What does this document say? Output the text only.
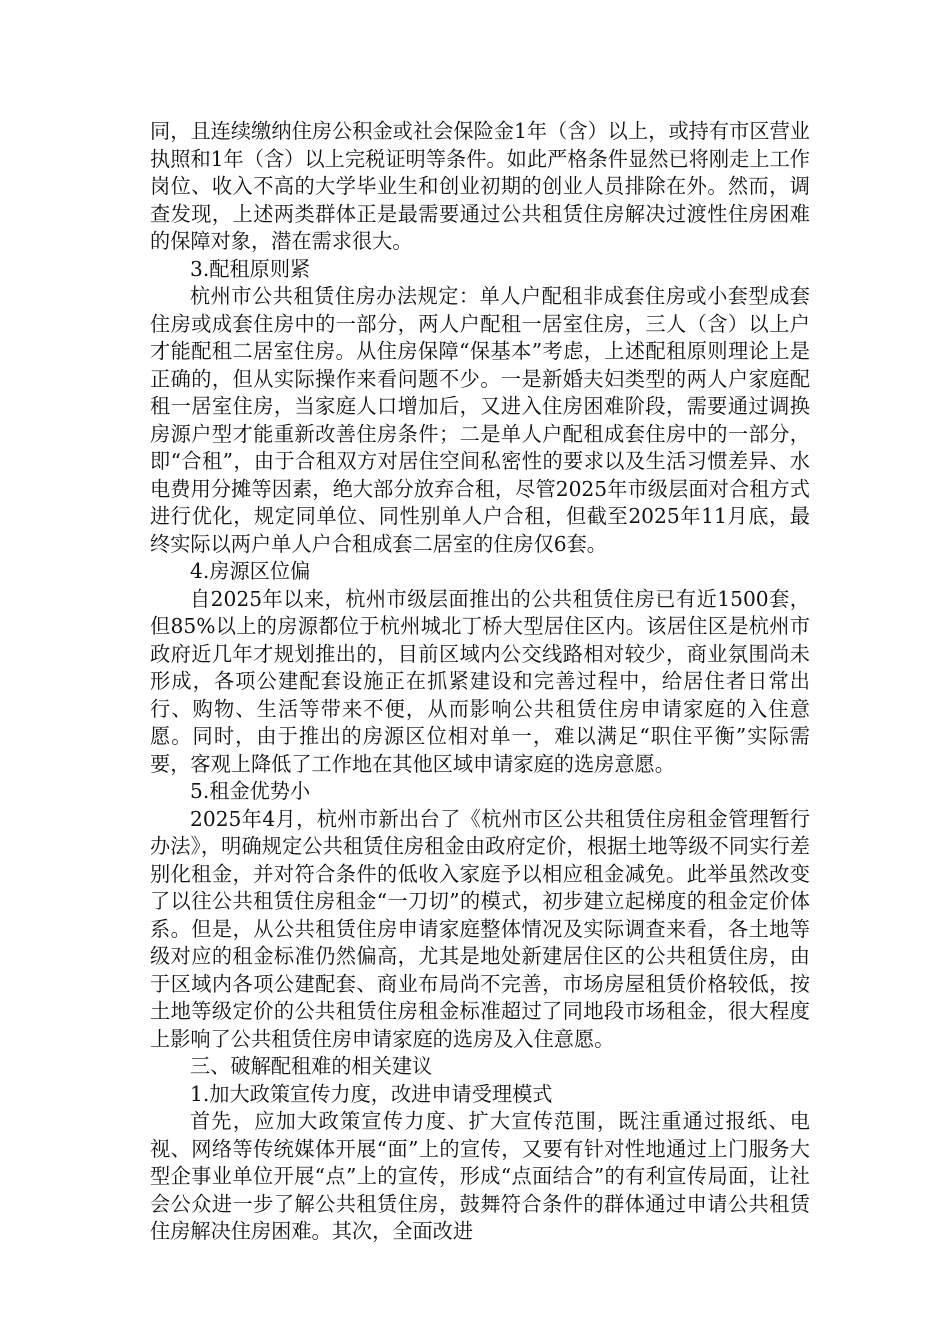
同，且连续缴纳住房公积金或社会保险金1年（含）以上，或持有市区营业执照和1年（含）以上完税证明等条件。如此严格条件显然已将刚走上工作岗位、收入不高的大学毕业生和创业初期的创业人员排除在外。然而，调查发现，上述两类群体正是最需要通过公共租赁住房解决过渡性住房困难的保障对象，潜在需求很大。

3.配租原则紧

杭州市公共租赁住房办法规定：单人户配租非成套住房或小套型成套住房或成套住房中的一部分，两人户配租一居室住房，三人（含）以上户才能配租二居室住房。从住房保障“保基本”考虑，上述配租原则理论上是正确的，但从实际操作来看问题不少。一是新婚夫妇类型的两人户家庭配租一居室住房，当家庭人口增加后，又进入住房困难阶段，需要通过调换房源户型才能重新改善住房条件；二是单人户配租成套住房中的一部分，即“合租”，由于合租双方对居住空间私密性的要求以及生活习惯差异、水电费用分摊等因素，绝大部分放弃合租，尽管2025年市级层面对合租方式进行优化，规定同单位、同性别单人户合租，但截至2025年11月底，最终实际以两户单人户合租成套二居室的住房仅6套。

4.房源区位偏

自2025年以来，杭州市级层面推出的公共租赁住房已有近1500套，但85%以上的房源都位于杭州城北丁桥大型居住区内。该居住区是杭州市政府近几年才规划推出的，目前区域内公交线路相对较少，商业氛围尚未形成，各项公建配套设施正在抓紧建设和完善过程中，给居住者日常出行、购物、生活等带来不便，从而影响公共租赁住房申请家庭的入住意愿。同时，由于推出的房源区位相对单一，难以满足“职住平衡”实际需要，客观上降低了工作地在其他区域申请家庭的选房意愿。

5.租金优势小

2025年4月，杭州市新出台了《杭州市区公共租赁住房租金管理暂行办法》，明确规定公共租赁住房租金由政府定价，根据土地等级不同实行差别化租金，并对符合条件的低收入家庭予以相应租金减免。此举虽然改变了以往公共租赁住房租金“一刀切”的模式，初步建立起梯度的租金定价体系。但是，从公共租赁住房申请家庭整体情况及实际调查来看，各土地等级对应的租金标准仍然偏高，尤其是地处新建居住区的公共租赁住房，由于区域内各项公建配套、商业布局尚不完善，市场房屋租赁价格较低，按土地等级定价的公共租赁住房租金标准超过了同地段市场租金，很大程度上影响了公共租赁住房申请家庭的选房及入住意愿。

三、破解配租难的相关建议

1.加大政策宣传力度，改进申请受理模式

首先，应加大政策宣传力度、扩大宣传范围，既注重通过报纸、电视、网络等传统媒体开展“面”上的宣传，又要有针对性地通过上门服务大型企事业单位开展“点”上的宣传，形成“点面结合”的有利宣传局面，让社会公众进一步了解公共租赁住房，鼓舞符合条件的群体通过申请公共租赁住房解决住房困难。其次，全面改进
